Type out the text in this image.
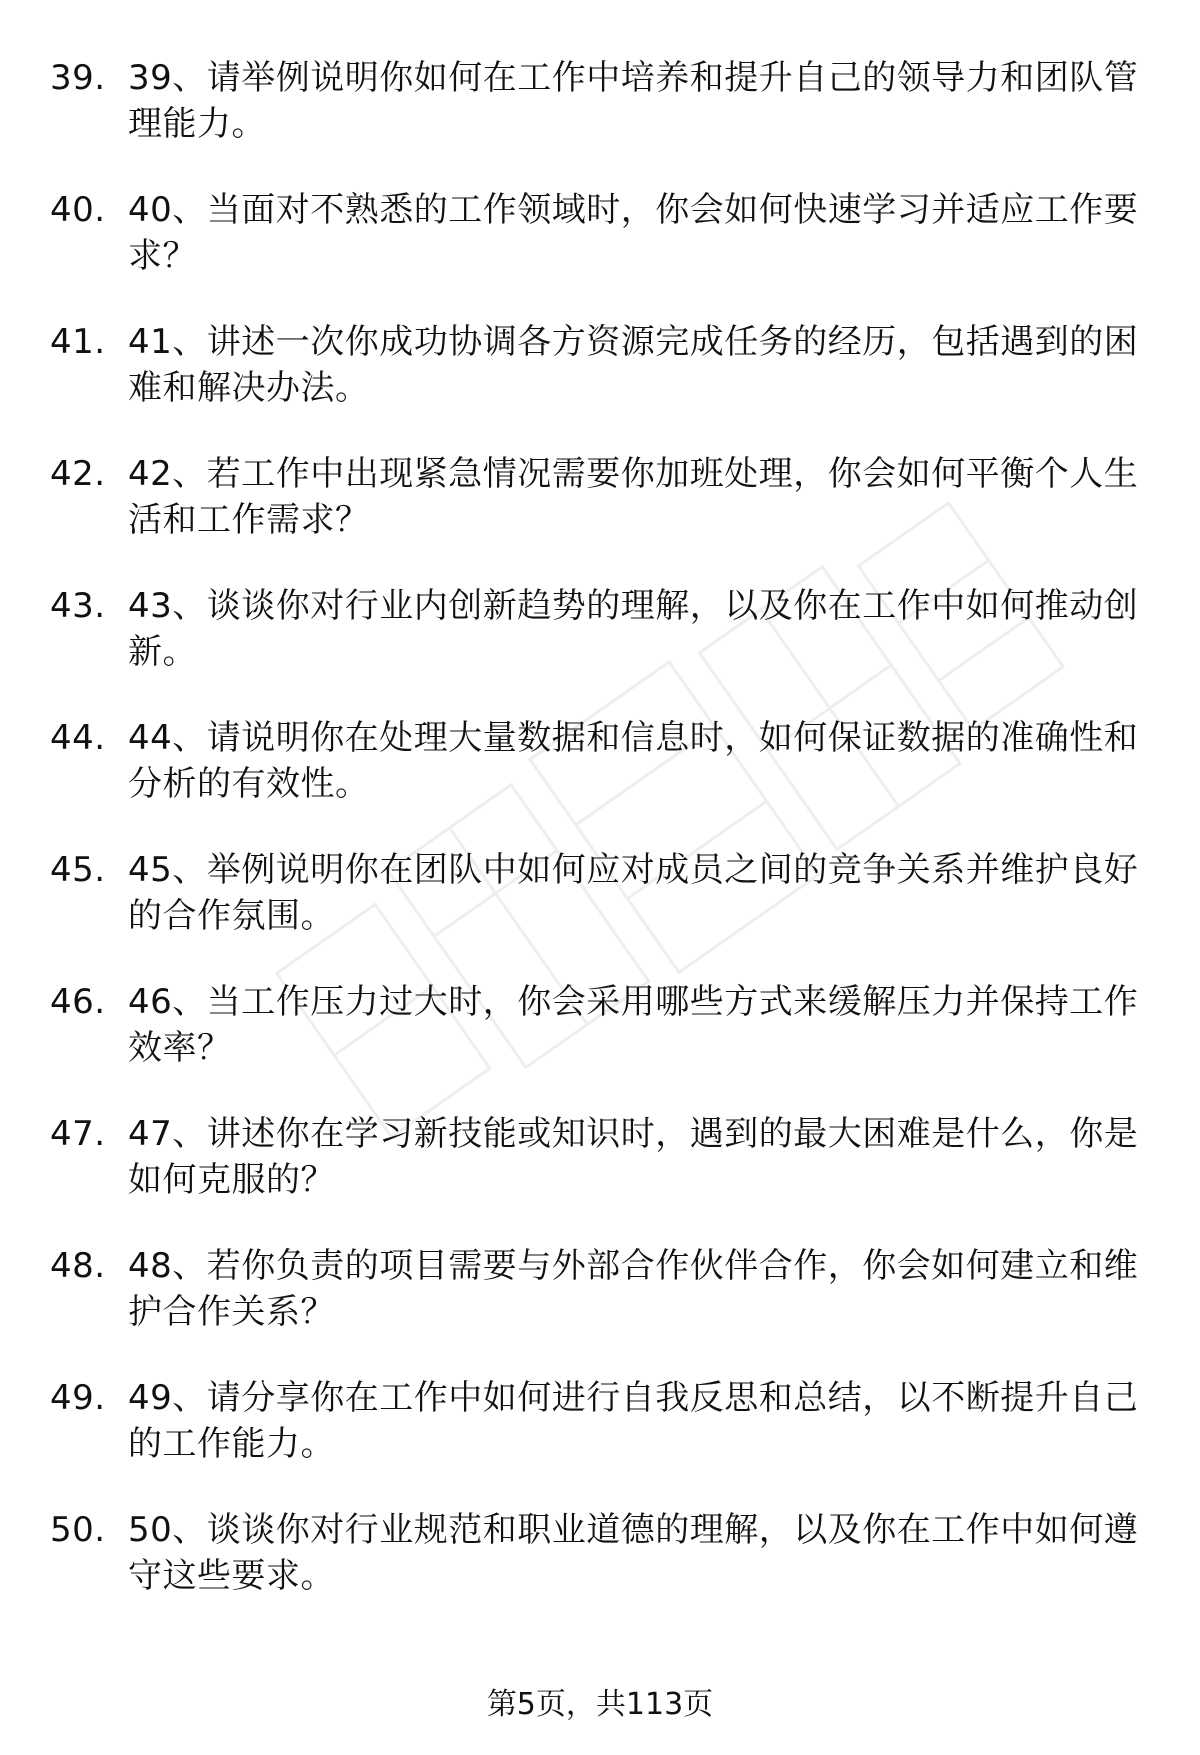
39. 39、请举例说明你如何在工作中培养和提升自己的领导力和团队管理能力。
40. 40、当面对不熟悉的工作领域时，你会如何快速学习并适应工作要求？
41. 41、讲述一次你成功协调各方资源完成任务的经历，包括遇到的困难和解决办法。
42. 42、若工作中出现紧急情况需要你加班处理，你会如何平衡个人生活和工作需求？
43. 43、谈谈你对行业内创新趋势的理解，以及你在工作中如何推动创新。
44. 44、请说明你在处理大量数据和信息时，如何保证数据的准确性和分析的有效性。
45. 45、举例说明你在团队中如何应对成员之间的竞争关系并维护良好的合作氛围。
46. 46、当工作压力过大时，你会采用哪些方式来缓解压力并保持工作效率？
47. 47、讲述你在学习新技能或知识时，遇到的最大困难是什么，你是如何克服的？
48. 48、若你负责的项目需要与外部合作伙伴合作，你会如何建立和维护合作关系？
49. 49、请分享你在工作中如何进行自我反思和总结，以不断提升自己的工作能力。
50. 50、谈谈你对行业规范和职业道德的理解，以及你在工作中如何遵守这些要求。
第5页，共113页
